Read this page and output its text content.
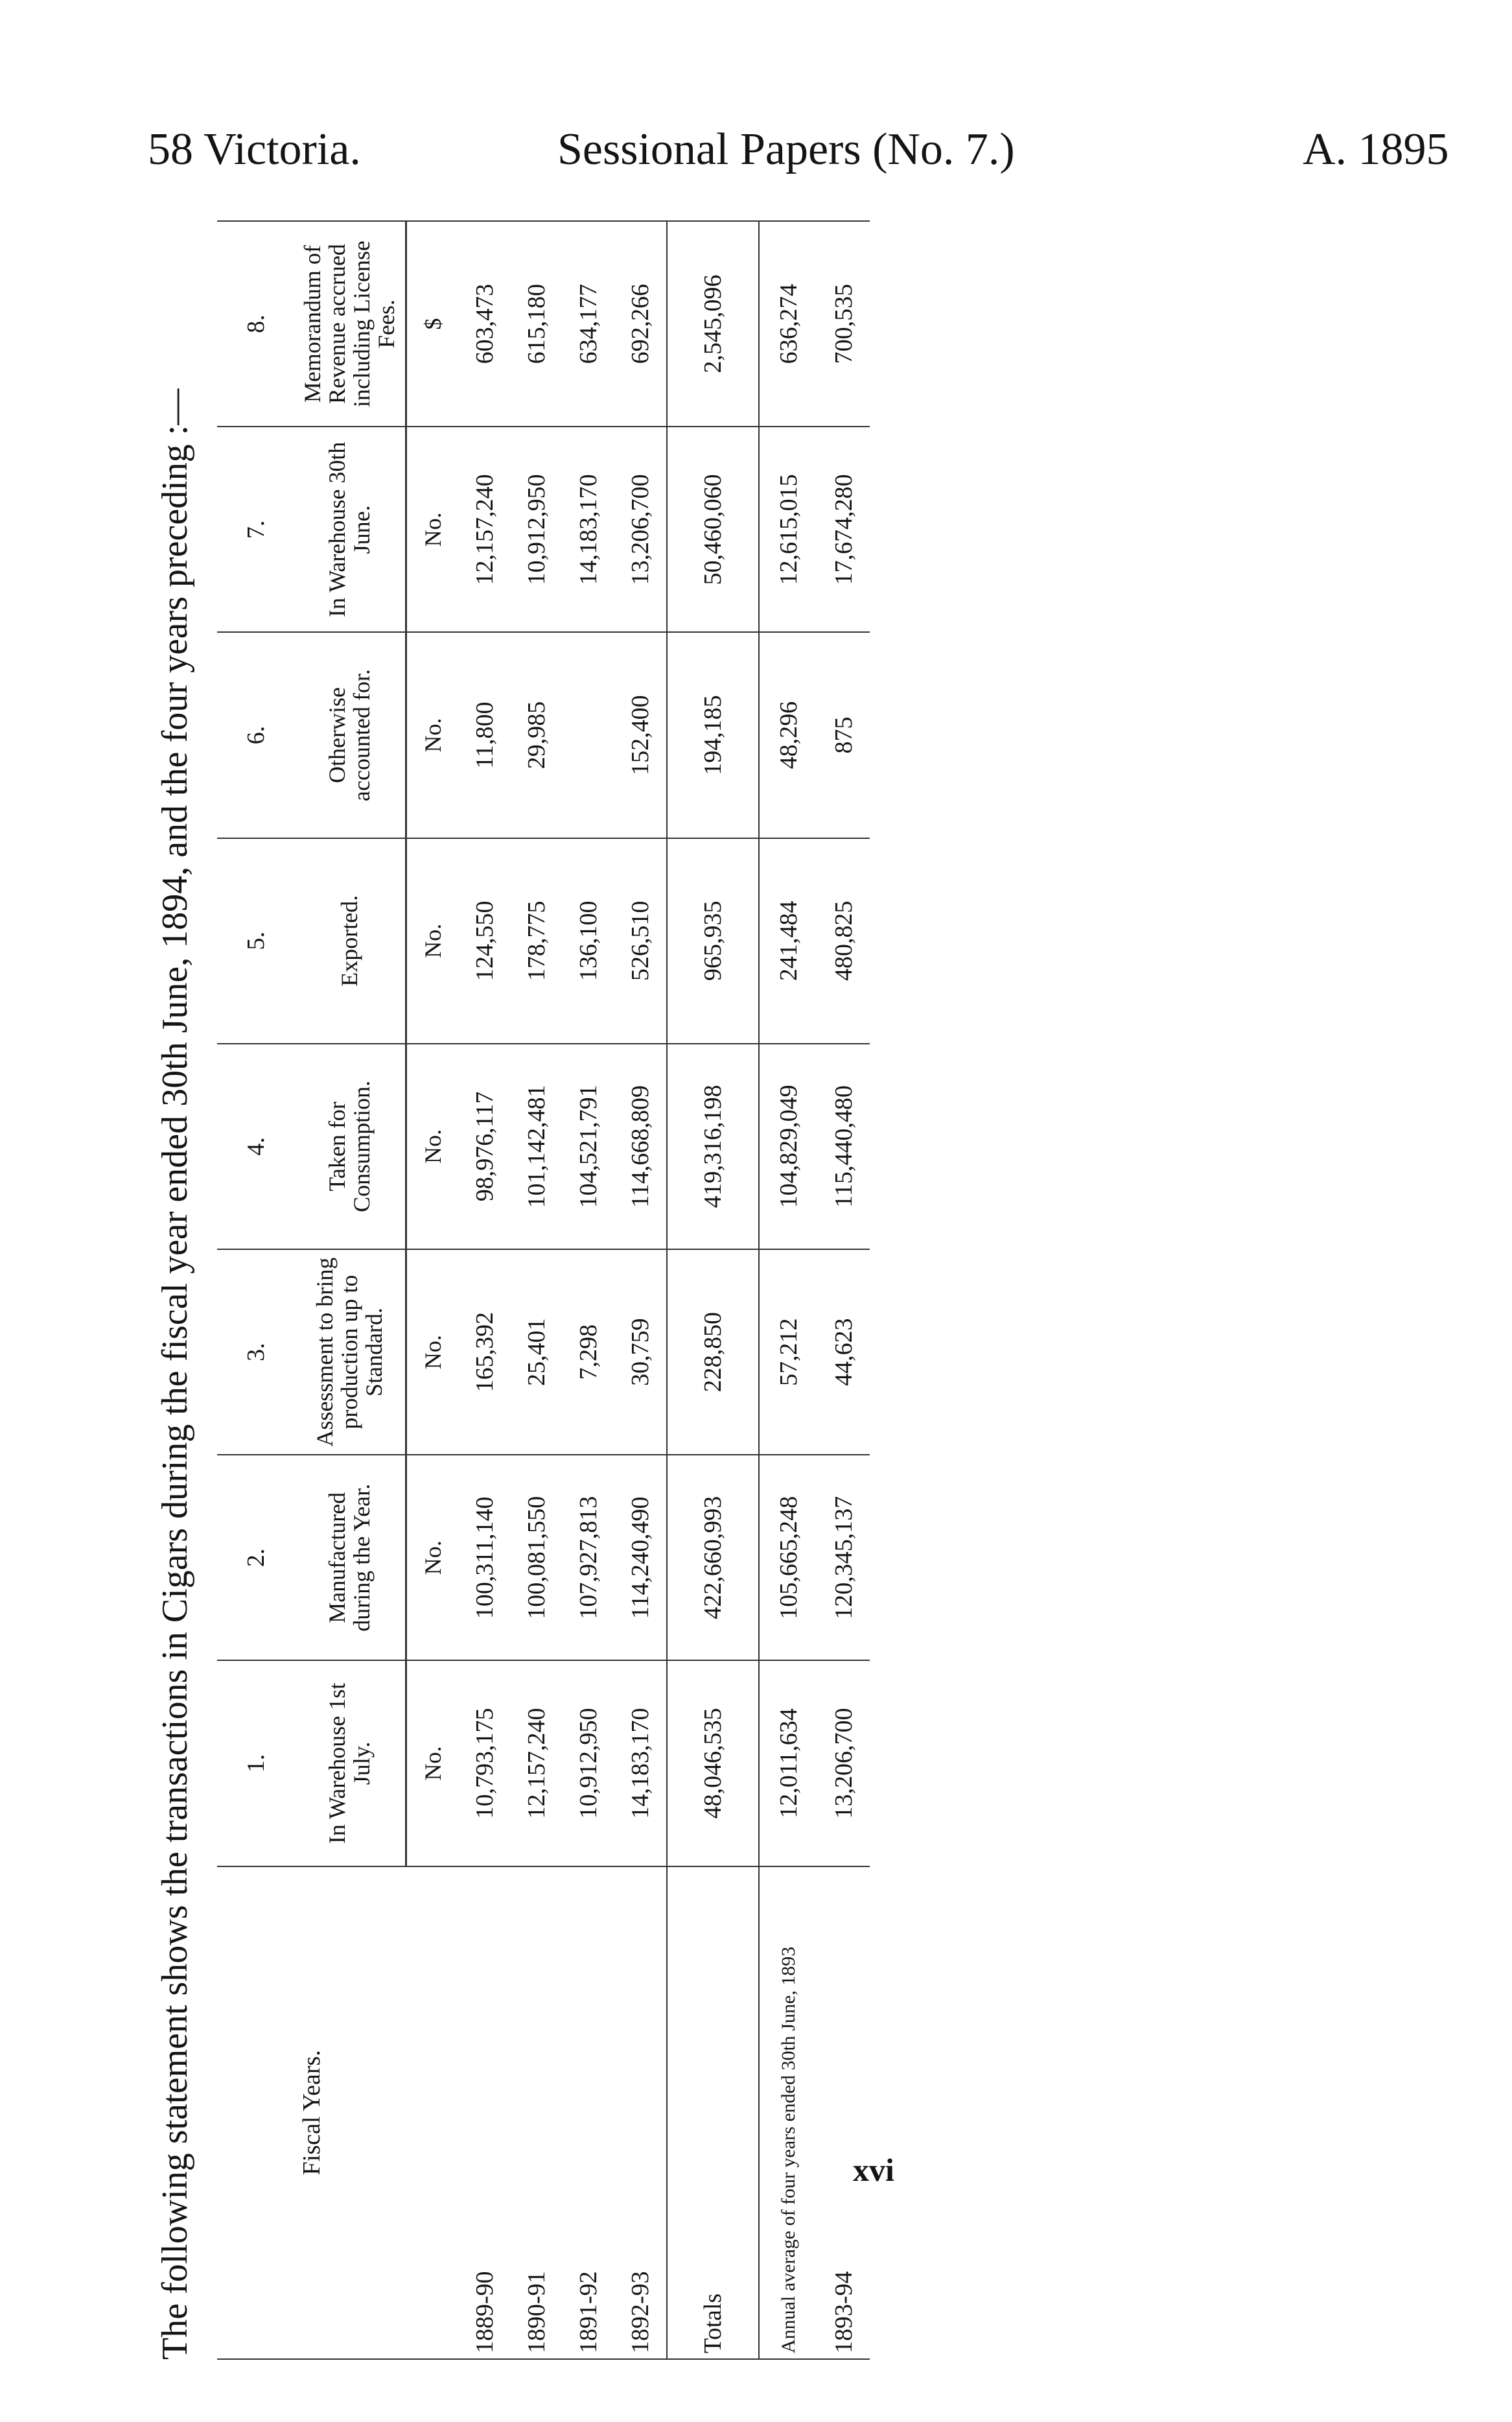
58 Victoria.	Sessional Papers (No. 7.)	A. 1895
The following statement shows the transactions in Cigars during the fiscal year ended 30th June, 1894, and the four years preceding :—	Fiscal Years.	1.	2.	3.	4.	5.	6.	7.	8.
	In Warehouse 1st July.	Manufactured during the Year.	Assessment to bring production up to Standard.	Taken for Consumption.	Exported.	Otherwise accounted for.	In Warehouse 30th June.	Memorandum of Revenue accrued including License Fees.
	No.	No.	No.	No.	No.	No.	No.	$
1889-90	10,793,175	100,311,140	165,392	98,976,117	124,550	11,800	12,157,240	603,473
1890-91	12,157,240	100,081,550	25,401	101,142,481	178,775	29,985	10,912,950	615,180
1891-92	10,912,950	107,927,813	7,298	104,521,791	136,100		14,183,170	634,177
1892-93	14,183,170	114,240,490	30,759	114,668,809	526,510	152,400	13,206,700	692,266
Totals	48,046,535	422,660,993	228,850	419,316,198	965,935	194,185	50,460,060	2,545,096
Annual average of four years ended 30th June, 1893	12,011,634	105,665,248	57,212	104,829,049	241,484	48,296	12,615,015	636,274
1893-94	13,206,700	120,345,137	44,623	115,440,480	480,825	875	17,674,280	700,535
xvi
